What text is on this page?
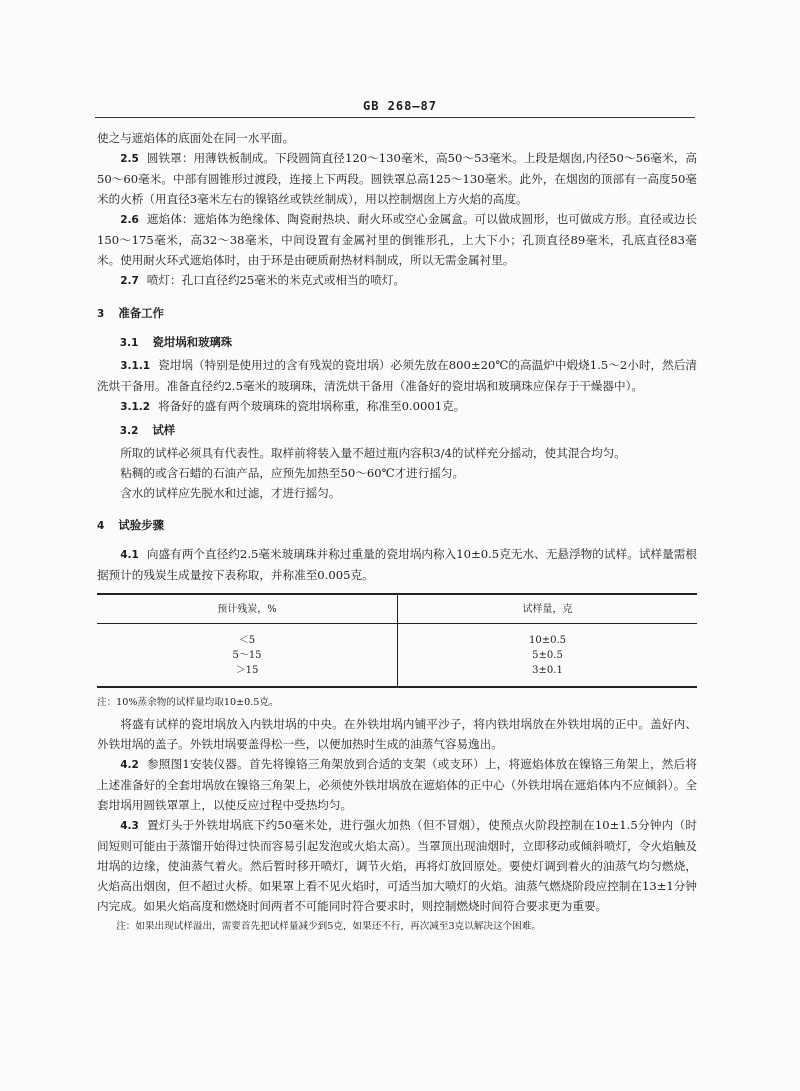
GB 268—87

使之与遮焰体的底面处在同一水平面。

2.5 圆铁罩：用薄铁板制成。下段圆筒直径120～130毫米，高50～53毫米。上段是烟囱,内径50～56毫米，高50～60毫米。中部有圆锥形过渡段，连接上下两段。圆铁罩总高125～130毫米。此外，在烟囱的顶部有一高度50毫米的火桥（用直径3毫米左右的镍铬丝或铁丝制成），用以控制烟囱上方火焰的高度。

2.6 遮焰体：遮焰体为绝缘体、陶瓷耐热块、耐火环或空心金属盒。可以做成圆形，也可做成方形。直径或边长150～175毫米，高32～38毫米，中间设置有金属衬里的倒锥形孔，上大下小；孔顶直径89毫米，孔底直径83毫米。使用耐火环式遮焰体时，由于环是由硬质耐热材料制成，所以无需金属衬里。

2.7 喷灯：孔口直径约25毫米的米克式或相当的喷灯。

3 准备工作
3.1 瓷坩埚和玻璃珠

3.1.1 瓷坩埚（特别是使用过的含有残炭的瓷坩埚）必须先放在800±20℃的高温炉中煅烧1.5～2小时，然后清洗烘干备用。准备直径约2.5毫米的玻璃珠，清洗烘干备用（准备好的瓷坩埚和玻璃珠应保存于干燥器中）。

3.1.2 将备好的盛有两个玻璃珠的瓷坩埚称重，称准至0.0001克。

3.2 试样

所取的试样必须具有代表性。取样前将装入量不超过瓶内容积3/4的试样充分摇动，使其混合均匀。

粘稠的或含石蜡的石油产品，应预先加热至50～60℃才进行摇匀。

含水的试样应先脱水和过滤，才进行摇匀。

4 试验步骤

4.1 向盛有两个直径约2.5毫米玻璃珠并称过重量的瓷坩埚内称入10±0.5克无水、无悬浮物的试样。试样量需根据预计的残炭生成量按下表称取，并称准至0.005克。

预计残炭，%	试样量，克
＜5	10±0.5
5～15	5±0.5
＞15	3±0.1

注：10%蒸余物的试样量均取10±0.5克。

将盛有试样的瓷坩埚放入内铁坩埚的中央。在外铁坩埚内铺平沙子，将内铁坩埚放在外铁坩埚的正中。盖好内、外铁坩埚的盖子。外铁坩埚要盖得松一些，以便加热时生成的油蒸气容易逸出。

4.2 参照图1安装仪器。首先将镍铬三角架放到合适的支架（或支环）上，将遮焰体放在镍铬三角架上，然后将上述准备好的全套坩埚放在镍铬三角架上，必须使外铁坩埚放在遮焰体的正中心（外铁坩埚在遮焰体内不应倾斜）。全套坩埚用圆铁罩罩上，以使反应过程中受热均匀。

4.3 置灯头于外铁坩埚底下约50毫米处，进行强火加热（但不冒烟），使预点火阶段控制在10±1.5分钟内（时间短则可能由于蒸馏开始得过快而容易引起发泡或火焰太高）。当罩顶出现油烟时，立即移动或倾斜喷灯，令火焰触及坩埚的边缘，使油蒸气着火。然后暂时移开喷灯，调节火焰，再将灯放回原处。要使灯调到着火的油蒸气均匀燃烧，火焰高出烟囱，但不超过火桥。如果罩上看不见火焰时，可适当加大喷灯的火焰。油蒸气燃烧阶段应控制在13±1分钟内完成。如果火焰高度和燃烧时间两者不可能同时符合要求时，则控制燃烧时间符合要求更为重要。

注：如果出现试样溢出，需要首先把试样量减少到5克，如果还不行，再次减至3克以解决这个困难。
